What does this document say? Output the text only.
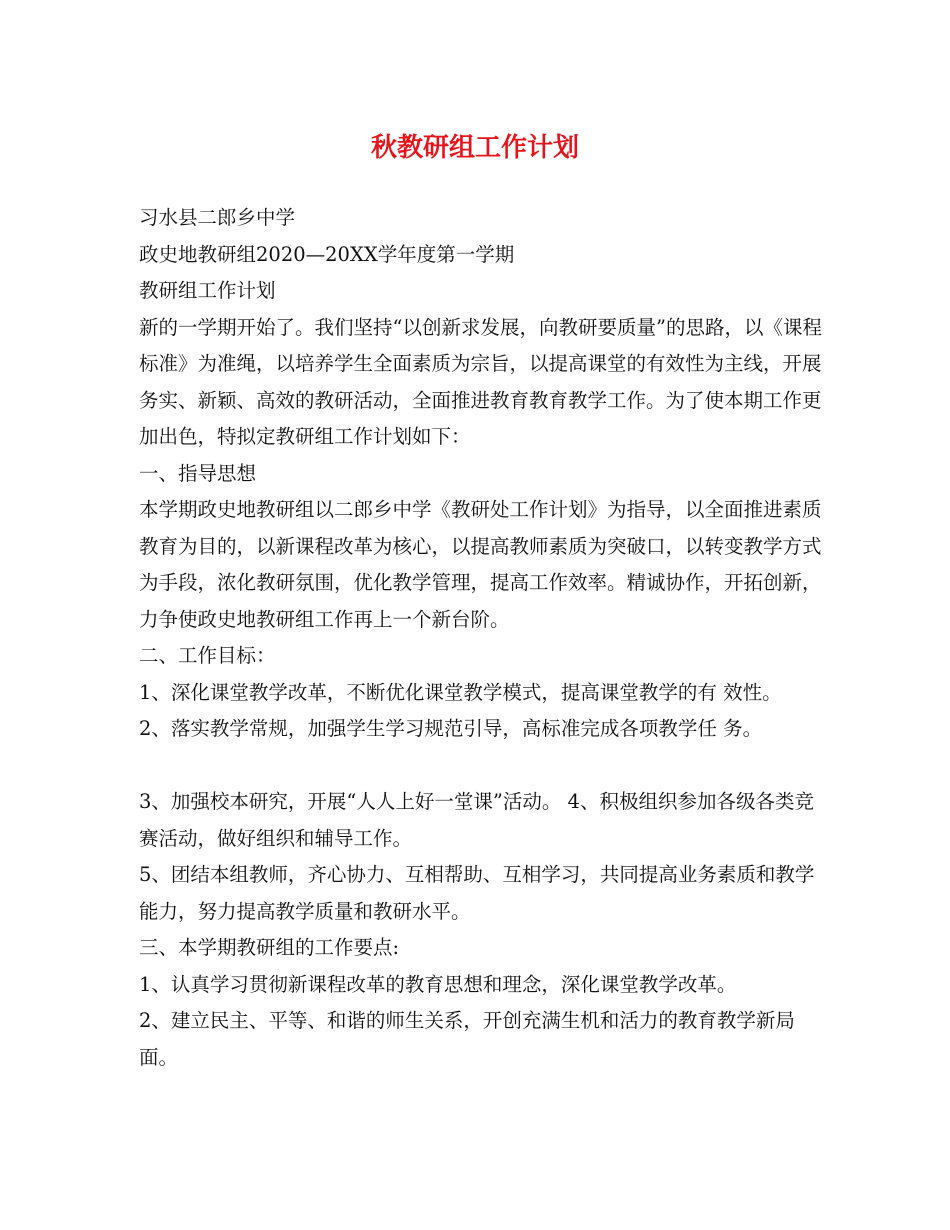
秋教研组工作计划

习水县二郎乡中学

政史地教研组2020—20XX学年度第一学期

教研组工作计划

新的一学期开始了。我们坚持“以创新求发展，向教研要质量”的思路，以《课程标准》为准绳，以培养学生全面素质为宗旨，以提高课堂的有效性为主线，开展务实、新颖、高效的教研活动，全面推进教育教育教学工作。为了使本期工作更加出色，特拟定教研组工作计划如下：

一、指导思想

本学期政史地教研组以二郎乡中学《教研处工作计划》为指导，以全面推进素质教育为目的，以新课程改革为核心，以提高教师素质为突破口，以转变教学方式为手段，浓化教研氛围，优化教学管理，提高工作效率。精诚协作，开拓创新，力争使政史地教研组工作再上一个新台阶。

二、工作目标：

1、深化课堂教学改革，不断优化课堂教学模式，提高课堂教学的有 效性。

2、落实教学常规，加强学生学习规范引导，高标准完成各项教学任 务。

3、加强校本研究，开展“人人上好一堂课”活动。 4、积极组织参加各级各类竞赛活动，做好组织和辅导工作。

5、团结本组教师，齐心协力、互相帮助、互相学习，共同提高业务素质和教学能力，努力提高教学质量和教研水平。

三、本学期教研组的工作要点:

1、认真学习贯彻新课程改革的教育思想和理念，深化课堂教学改革。

2、建立民主、平等、和谐的师生关系，开创充满生机和活力的教育教学新局面。
